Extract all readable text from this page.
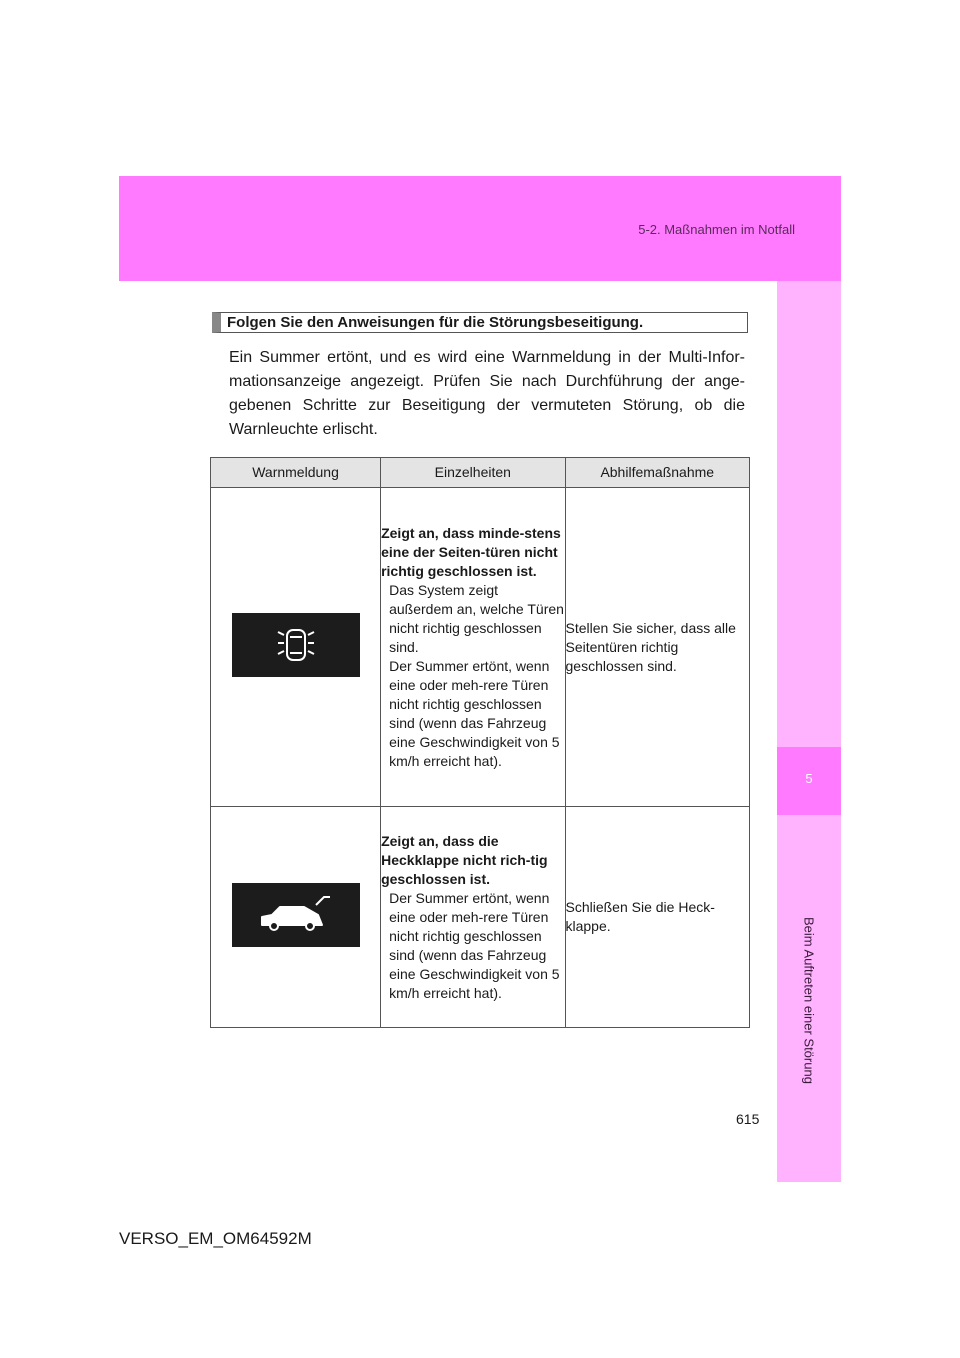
5-2. Maßnahmen im Notfall
5
Beim Auftreten einer Störung
Folgen Sie den Anweisungen für die Störungsbeseitigung.
Ein Summer ertönt, und es wird eine Warnmeldung in der Multi-Infor-mationsanzeige angezeigt. Prüfen Sie nach Durchführung der ange-gebenen Schritte zur Beseitigung der vermuteten Störung, ob die Warnleuchte erlischt.
Warnmeldung	Einzelheiten	Abhilfemaßnahme

Zeigt an, dass minde-stens eine der Seiten-türen nicht richtig geschlossen ist.
Das System zeigt außerdem an, welche Türen nicht richtig geschlossen sind.
Der Summer ertönt, wenn eine oder meh-rere Türen nicht richtig geschlossen sind (wenn das Fahrzeug eine Geschwindigkeit von 5 km/h erreicht hat).	Stellen Sie sicher, dass alle Seitentüren richtig geschlossen sind.

Zeigt an, dass die Heckklappe nicht rich-tig geschlossen ist.
Der Summer ertönt, wenn eine oder meh-rere Türen nicht richtig geschlossen sind (wenn das Fahrzeug eine Geschwindigkeit von 5 km/h erreicht hat).	Schließen Sie die Heck-klappe.
615
VERSO_EM_OM64592M
